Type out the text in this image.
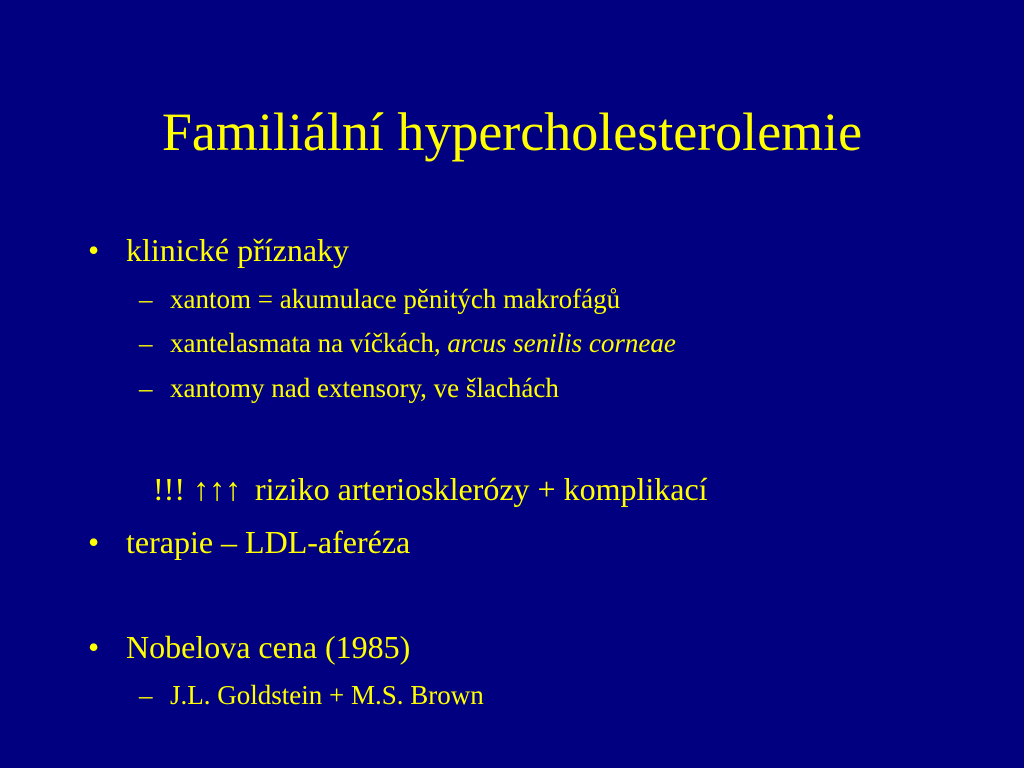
Familiální hypercholesterolemie
• klinické příznaky
– xantom = akumulace pěnitých makrofágů
– xantelasmata na víčkách, arcus senilis corneae
– xantomy nad extensory, ve šlachách
!!! ↑↑↑ riziko arteriosklerózy + komplikací
• terapie – LDL-aferéza
• Nobelova cena (1985)
– J.L. Goldstein + M.S. Brown
